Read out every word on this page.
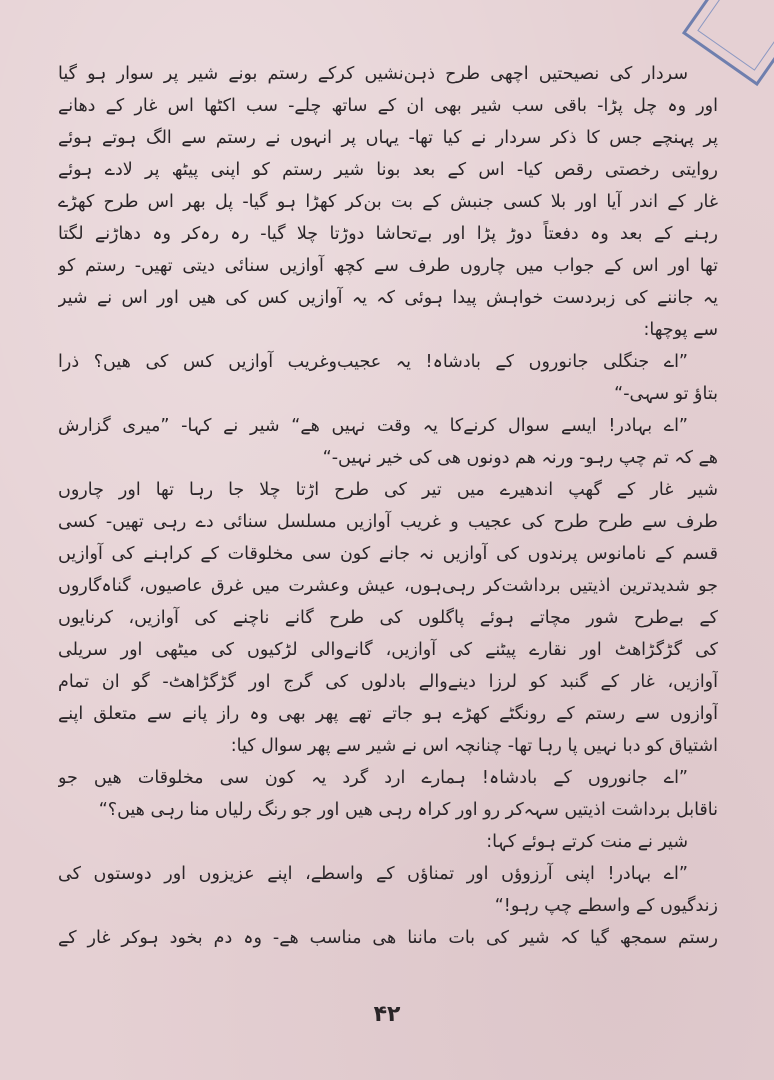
سردار کی نصیحتیں اچھی طرح ذہن‌نشیں کرکے رستم بونے شیر پر سوار ہو گیا
اور وہ چل پڑا‑ باقی سب شیر بھی ان کے ساتھ چلے‑ سب اکٹھا اس غار کے دھانے
پر پہنچے جس کا ذکر سردار نے کیا تھا‑ یہاں پر انہوں نے رستم سے الگ ہوتے ہوئے
روایتی رخصتی رقص کیا‑ اس کے بعد بونا شیر رستم کو اپنی پیٹھ پر لادے ہوئے
غار کے اندر آیا اور بلا کسی جنبش کے بت بن‌کر کھڑا ہو گیا‑ پل بھر اس طرح کھڑے
رہنے کے بعد وہ دفعتاً دوڑ پڑا اور بےتحاشا دوڑتا چلا گیا‑ رہ رہ‌کر وہ دھاڑنے لگتا
تھا اور اس کے جواب میں چاروں طرف سے کچھ آوازیں سنائی دیتی تھیں‑ رستم کو
یہ جاننے کی زبردست خواہش پیدا ہوئی کہ یہ آوازیں کس کی ھیں اور اس نے شیر
سے پوچھا:
”اے جنگلی جانوروں کے بادشاہ! یہ عجیب‌وغریب آوازیں کس کی ھیں؟ ذرا
بتاؤ تو سہی‑“
”اے بہادر! ایسے سوال کرنے‌کا یہ وقت نہیں ھے“ شیر نے کہا‑ ”میری گزارش
ھے کہ تم چپ رہو‑ ورنہ ھم دونوں ھی کی خیر نہیں‑“
شیر غار کے گھپ اندھیرے میں تیر کی طرح اڑتا چلا جا رہا تھا اور چاروں
طرف سے طرح طرح کی عجیب و غریب آوازیں مسلسل سنائی دے رہی تھیں‑ کسی
قسم کے نامانوس پرندوں کی آوازیں نہ جانے کون سی مخلوقات کے کراہنے کی آوازیں
جو شدیدترین اذیتیں برداشت‌کر رہی‌ہوں، عیش وعشرت میں غرق عاصیوں، گناہ‌گاروں
کے بےطرح شور مچاتے ہوئے پاگلوں کی طرح گانے ناچنے کی آوازیں، کرنایوں
کی گڑگڑاھٹ اور نقارے پیٹنے کی آوازیں، گانےوالی لڑکیوں کی میٹھی اور سریلی
آوازیں، غار کے گنبد کو لرزا دینےوالے بادلوں کی گرج اور گڑگڑاھٹ‑ گو ان تمام
آوازوں سے رستم کے رونگٹے کھڑے ہو جاتے تھے پھر بھی وہ راز پانے سے متعلق اپنے
اشتیاق کو دبا نہیں پا رہا تھا‑ چنانچہ اس نے شیر سے پھر سوال کیا:
”اے جانوروں کے بادشاہ! ہمارے ارد گرد یہ کون سی مخلوقات ھیں جو
ناقابل برداشت اذیتیں سہہ‌کر رو اور کراہ رہی ھیں اور جو رنگ رلیاں منا رہی ھیں؟“
شیر نے منت کرتے ہوئے کہا:
”اے بہادر! اپنی آرزوؤں اور تمناؤں کے واسطے، اپنے عزیزوں اور دوستوں کی
زندگیوں کے واسطے چپ رہو!“
رستم سمجھ گیا کہ شیر کی بات ماننا ھی مناسب ھے‑ وہ دم بخود ہوکر غار کے
۴۲
